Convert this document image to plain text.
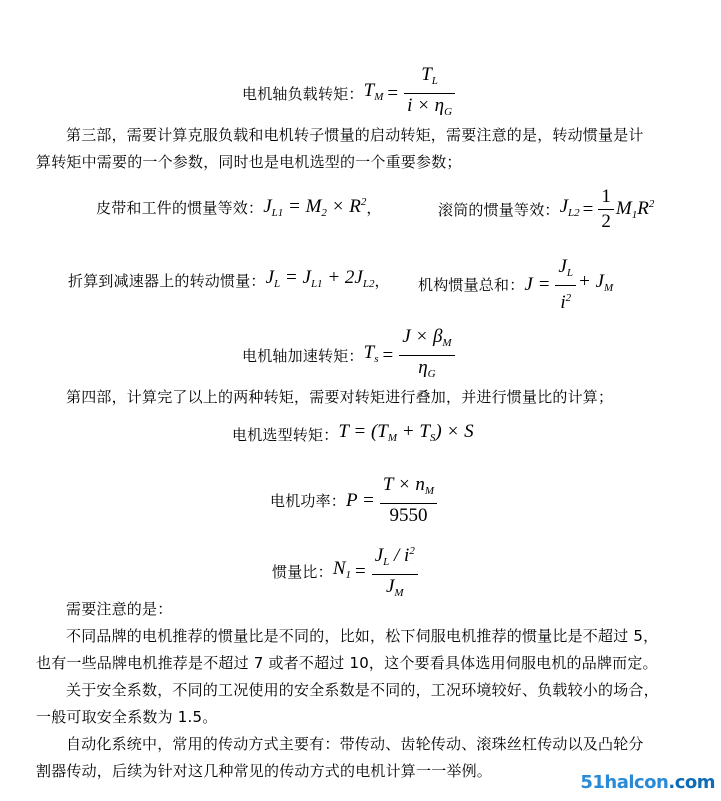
电机轴负载转矩： $T_M = \frac{T_L}{i \times \eta_G}$
第三部，需要计算克服负载和电机转子惯量的启动转矩，需要注意的是，转动惯量是计
算转矩中需要的一个参数，同时也是电机选型的一个重要参数；
皮带和工件的惯量等效： $J_{L1} = M_2 \times R^2$ ，	滚筒的惯量等效： $J_{L2} = \frac{1}{2} M_1R^2$
折算到减速器上的转动惯量： $J_L = J_{L1} + 2J_{L2}$ ， 机构惯量总和： $J = \frac{J_L}{i^2} + J_M$
电机轴加速转矩： $T_s = \frac{J \times \beta_M}{\eta_G}$
第四部，计算完了以上的两种转矩，需要对转矩进行叠加，并进行惯量比的计算；
电机选型转矩： $T = (T_M + T_S) \times S$
电机功率： $P = \frac{T \times n_M}{9550}$
惯量比： $N_1 = \frac{J_L / i^2}{J_M}$
需要注意的是：
不同品牌的电机推荐的惯量比是不同的，比如，松下伺服电机推荐的惯量比是不超过 5，
也有一些品牌电机推荐是不超过 7 或者不超过 10，这个要看具体选用伺服电机的品牌而定。
关于安全系数，不同的工况使用的安全系数是不同的，工况环境较好、负载较小的场合，
一般可取安全系数为 1.5。
自动化系统中，常用的传动方式主要有：带传动、齿轮传动、滚珠丝杠传动以及凸轮分
割器传动，后续为针对这几种常见的传动方式的电机计算一一举例。
51halcon.com
